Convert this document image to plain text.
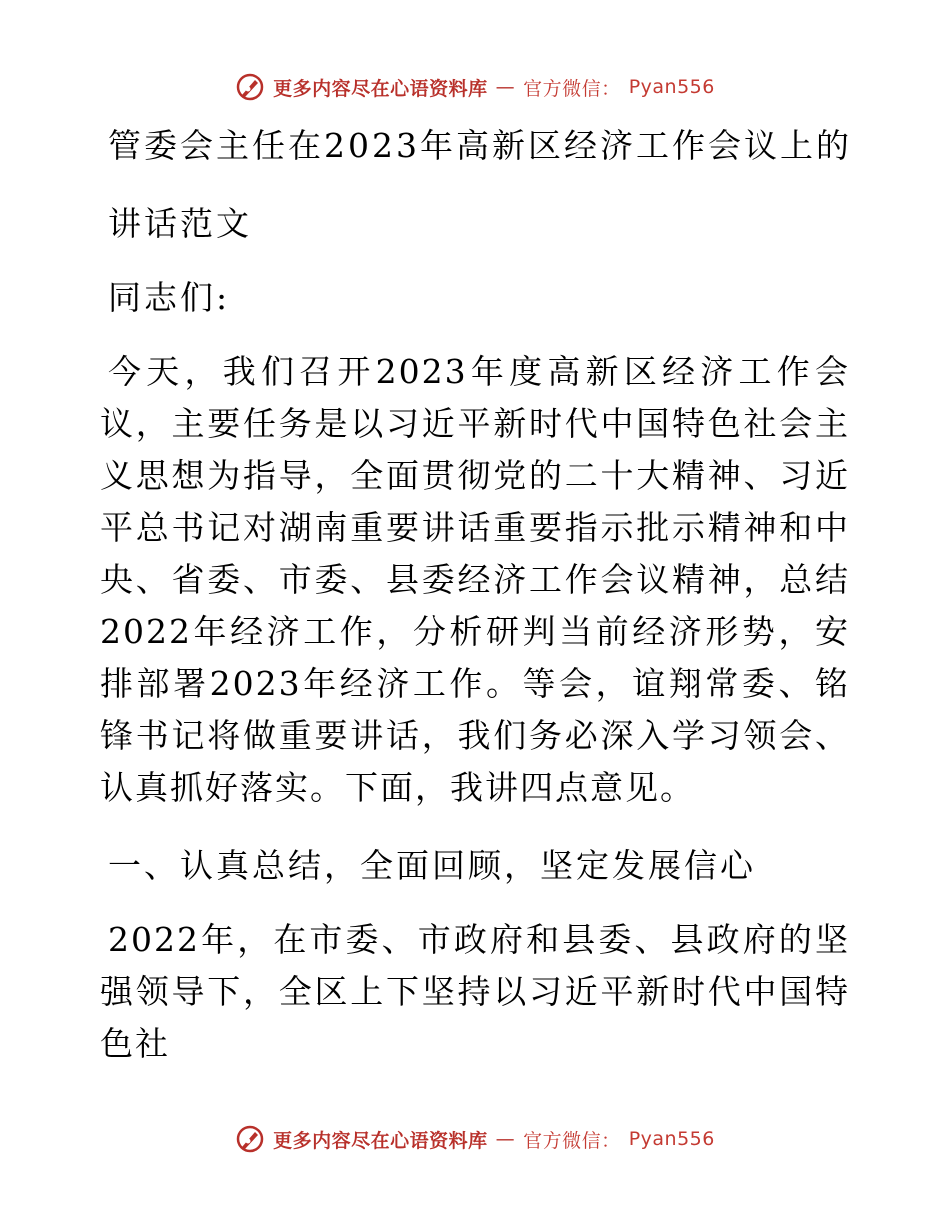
更多内容尽在心语资料库 — 官方微信： Pyan556
管委会主任在2023年高新区经济工作会议上的
讲话范文
同志们:
今天，我们召开2023年度高新区经济工作会议，主要任务是以习近平新时代中国特色社会主义思想为指导，全面贯彻党的二十大精神、习近平总书记对湖南重要讲话重要指示批示精神和中央、省委、市委、县委经济工作会议精神，总结2022年经济工作，分析研判当前经济形势，安排部署2023年经济工作。等会，谊翔常委、铭锋书记将做重要讲话，我们务必深入学习领会、认真抓好落实。下面，我讲四点意见。
一、认真总结，全面回顾，坚定发展信心
2022年，在市委、市政府和县委、县政府的坚强领导下，全区上下坚持以习近平新时代中国特色社
更多内容尽在心语资料库 — 官方微信： Pyan556
